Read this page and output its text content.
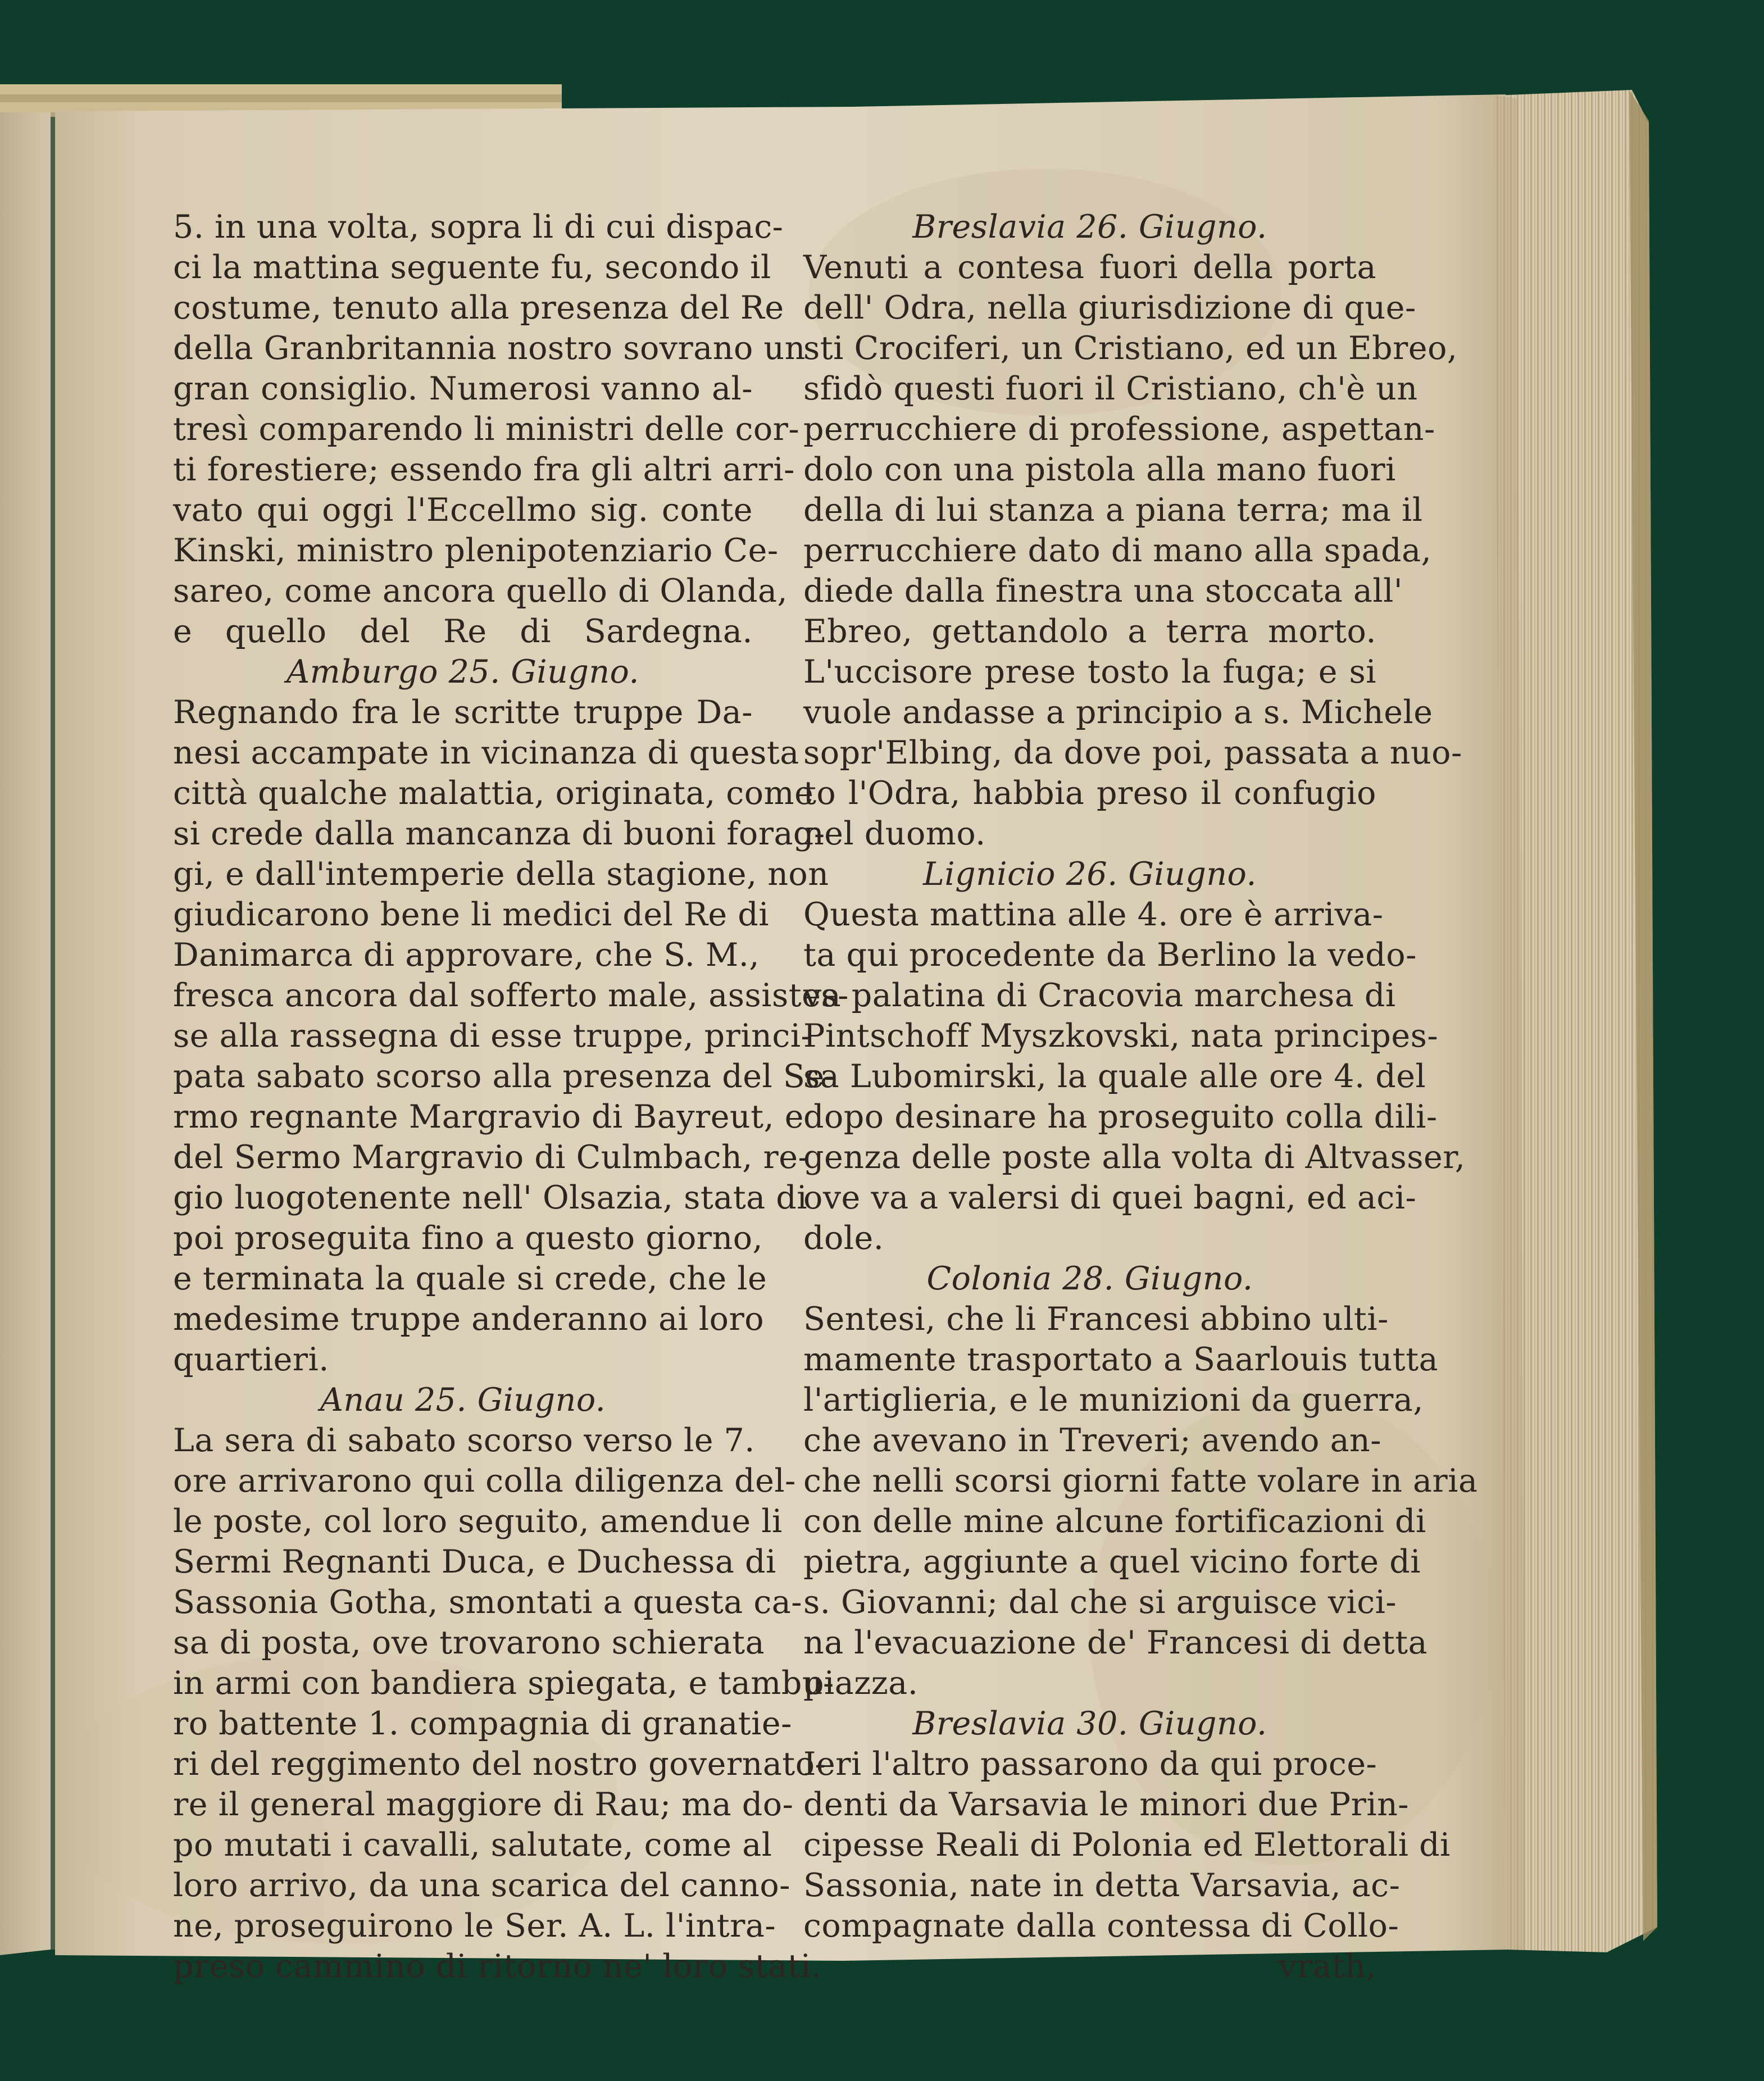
5. in una volta, sopra li di cui dispac-
ci la mattina seguente fu, secondo il
costume, tenuto alla presenza del Re
della Granbritannia nostro sovrano un
gran consiglio. Numerosi vanno al-
tresì comparendo li ministri delle cor-
ti forestiere; essendo fra gli altri arri-
vato qui oggi l'Eccellmo sig. conte
Kinski, ministro plenipotenziario Ce-
sareo, come ancora quello di Olanda,
e quello del Re di Sardegna.
Amburgo 25. Giugno.
Regnando fra le scritte truppe Da-
nesi accampate in vicinanza di questa
città qualche malattia, originata, come
si crede dalla mancanza di buoni forag-
gi, e dall'intemperie della stagione, non
giudicarono bene li medici del Re di
Danimarca di approvare, che S. M.,
fresca ancora dal sofferto male, assistes-
se alla rassegna di esse truppe, princi-
pata sabato scorso alla presenza del Se-
rmo regnante Margravio di Bayreut, e
del Sermo Margravio di Culmbach, re-
gio luogotenente nell' Olsazia, stata di
poi proseguita fino a questo giorno,
e terminata la quale si crede, che le
medesime truppe anderanno ai loro
quartieri.
Anau 25. Giugno.
La sera di sabato scorso verso le 7.
ore arrivarono qui colla diligenza del-
le poste, col loro seguito, amendue li
Sermi Regnanti Duca, e Duchessa di
Sassonia Gotha, smontati a questa ca-
sa di posta, ove trovarono schierata
in armi con bandiera spiegata, e tambu-
ro battente 1. compagnia di granatie-
ri del reggimento del nostro governato-
re il general maggiore di Rau; ma do-
po mutati i cavalli, salutate, come al
loro arrivo, da una scarica del canno-
ne, proseguirono le Ser. A. L. l'intra-
preso cammino di ritorno ne' loro stati.
Breslavia 26. Giugno.
Venuti a contesa fuori della porta
dell' Odra, nella giurisdizione di que-
sti Crociferi, un Cristiano, ed un Ebreo,
sfidò questi fuori il Cristiano, ch'è un
perrucchiere di professione, aspettan-
dolo con una pistola alla mano fuori
della di lui stanza a piana terra; ma il
perrucchiere dato di mano alla spada,
diede dalla finestra una stoccata all'
Ebreo, gettandolo a terra morto.
L'uccisore prese tosto la fuga; e si
vuole andasse a principio a s. Michele
sopr'Elbing, da dove poi, passata a nuo-
to l'Odra, habbia preso il confugio
nel duomo.
Lignicio 26. Giugno.
Questa mattina alle 4. ore è arriva-
ta qui procedente da Berlino la vedo-
va palatina di Cracovia marchesa di
Pintschoff Myszkovski, nata principes-
sa Lubomirski, la quale alle ore 4. del
dopo desinare ha proseguito colla dili-
genza delle poste alla volta di Altvasser,
ove va a valersi di quei bagni, ed aci-
dole.
Colonia 28. Giugno.
Sentesi, che li Francesi abbino ulti-
mamente trasportato a Saarlouis tutta
l'artiglieria, e le munizioni da guerra,
che avevano in Treveri; avendo an-
che nelli scorsi giorni fatte volare in aria
con delle mine alcune fortificazioni di
pietra, aggiunte a quel vicino forte di
s. Giovanni; dal che si arguisce vici-
na l'evacuazione de' Francesi di detta
piazza.
Breslavia 30. Giugno.
Ieri l'altro passarono da qui proce-
denti da Varsavia le minori due Prin-
cipesse Reali di Polonia ed Elettorali di
Sassonia, nate in detta Varsavia, ac-
compagnate dalla contessa di Collo-
vrath,
